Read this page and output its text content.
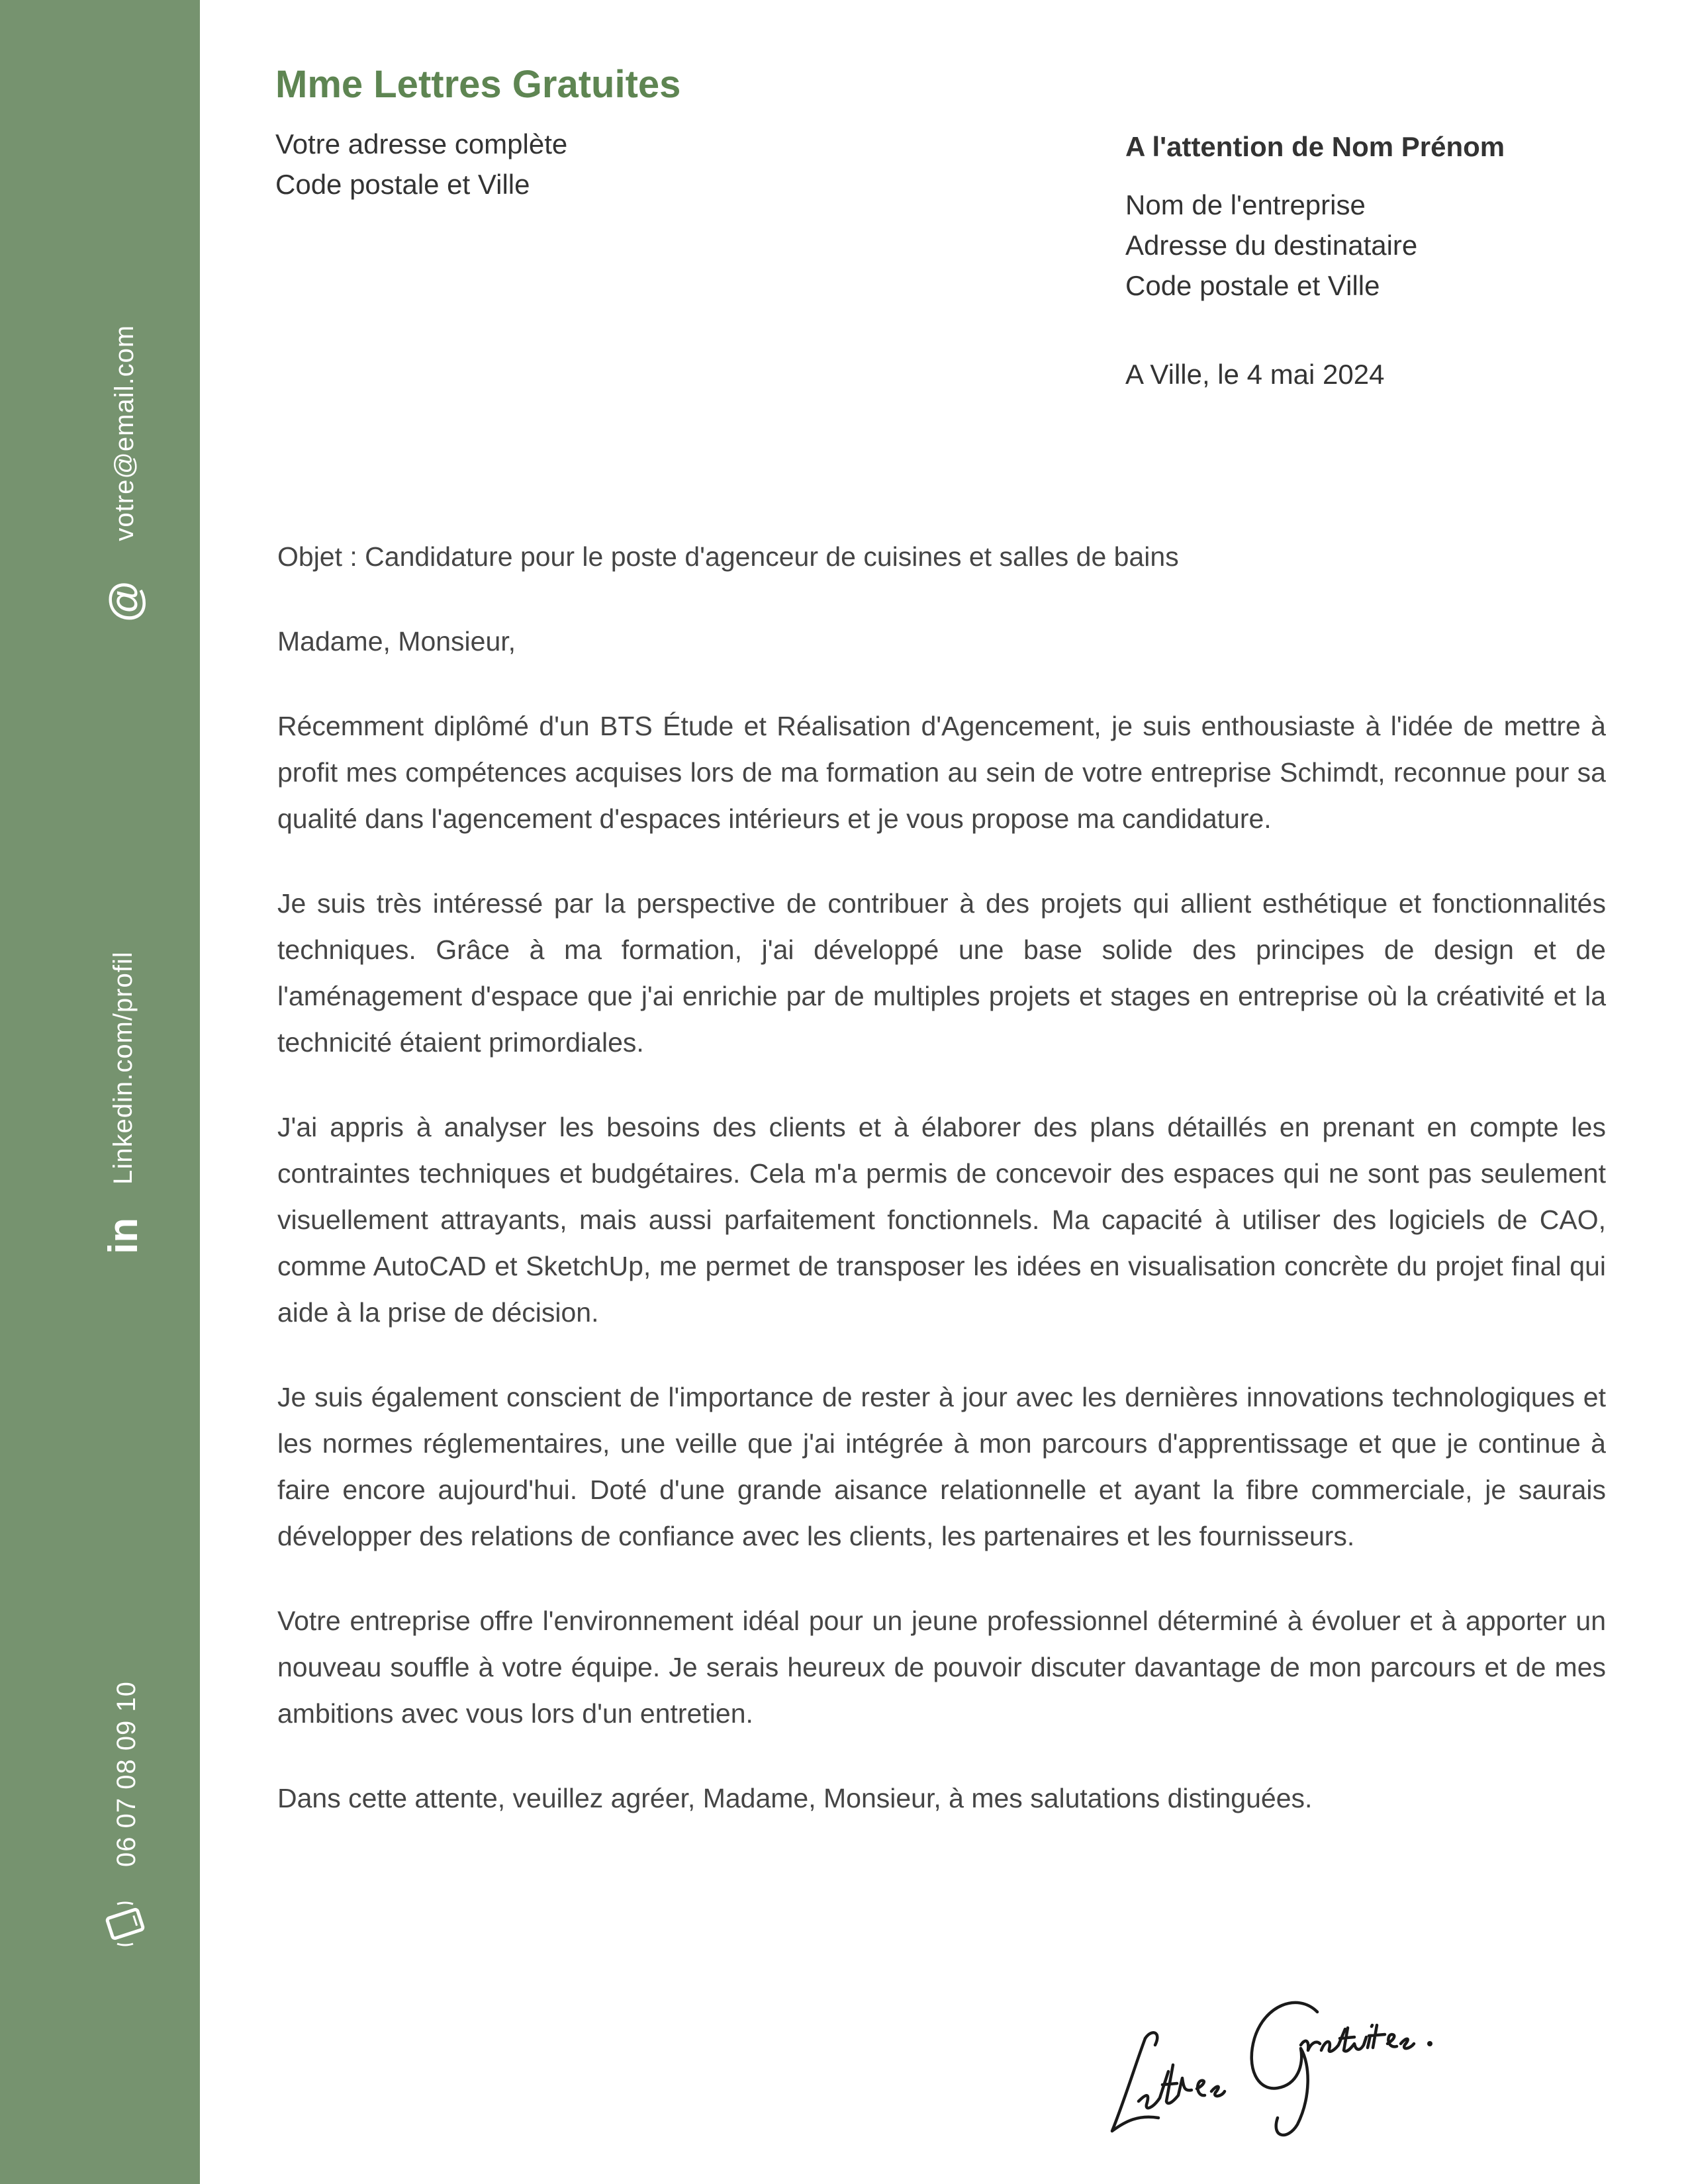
@
votre@email.com
in
Linkedin.com/profil
06 07 08 09 10
Mme Lettres Gratuites
Votre adresse complète
Code postale et Ville
A l'attention de Nom Prénom
Nom de l'entreprise
Adresse du destinataire
Code postale et Ville
A Ville, le 4 mai 2024

Objet : Candidature pour le poste d'agenceur de cuisines et salles de bains

Madame, Monsieur,

Récemment diplômé d'un BTS Étude et Réalisation d'Agencement, je suis enthousiaste à l'idée de mettre à profit mes compétences acquises lors de ma formation au sein de votre entreprise Schimdt, reconnue pour sa qualité dans l'agencement d'espaces intérieurs et je vous propose ma candidature.

Je suis très intéressé par la perspective de contribuer à des projets qui allient esthétique et fonctionnalités techniques. Grâce à ma formation, j'ai développé une base solide des principes de design et de l'aménagement d'espace que j'ai enrichie par de multiples projets et stages en entreprise où la créativité et la technicité étaient primordiales.

J'ai appris à analyser les besoins des clients et à élaborer des plans détaillés en prenant en compte les contraintes techniques et budgétaires. Cela m'a permis de concevoir des espaces qui ne sont pas seulement visuellement attrayants, mais aussi parfaitement fonctionnels. Ma capacité à utiliser des logiciels de CAO, comme AutoCAD et SketchUp, me permet de transposer les idées en visualisation concrète du projet final qui aide à la prise de décision.

Je suis également conscient de l'importance de rester à jour avec les dernières innovations technologiques et les normes réglementaires, une veille que j'ai intégrée à mon parcours d'apprentissage et que je continue à faire encore aujourd'hui. Doté d'une grande aisance relationnelle et ayant la fibre commerciale, je saurais développer des relations de confiance avec les clients, les partenaires et les fournisseurs.

Votre entreprise offre l'environnement idéal pour un jeune professionnel déterminé à évoluer et à apporter un nouveau souffle à votre équipe. Je serais heureux de pouvoir discuter davantage de mon parcours et de mes ambitions avec vous lors d'un entretien.

Dans cette attente, veuillez agréer, Madame, Monsieur, à mes salutations distinguées.
